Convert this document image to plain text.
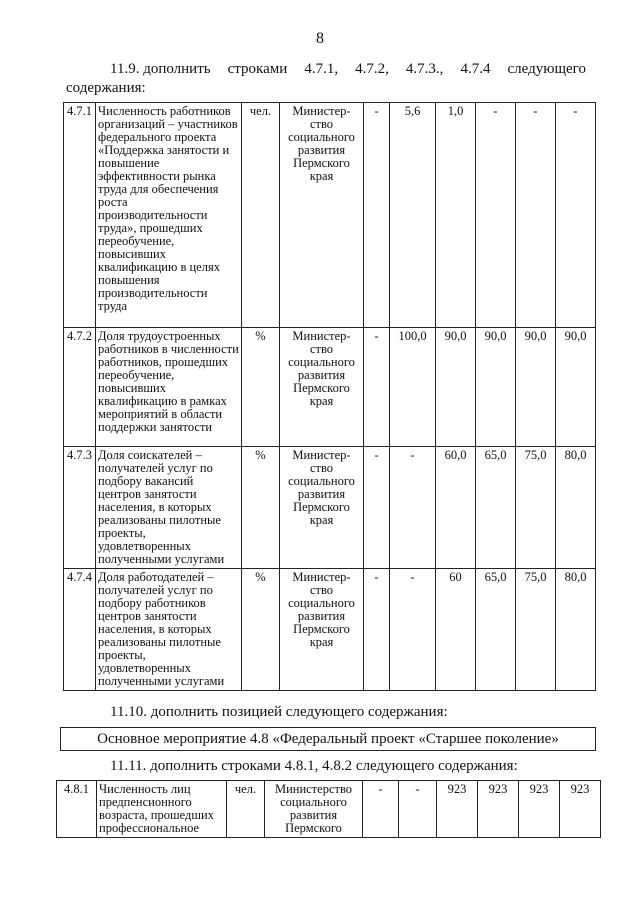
8
11.9. дополнить строками 4.7.1, 4.7.2, 4.7.3., 4.7.4 следующего
содержания:
4.7.1	Численность работников организаций – участников федерального проекта «Поддержка занятости и повышение эффективности рынка труда для обеспечения роста производительности труда», прошедших переобучение, повысивших квалификацию в целях повышения производительности труда	чел.	Министер-ство социального развития Пермского края	-	5,6	1,0	-	-	-
4.7.2	Доля трудоустроенных работников в численности работников, прошедших переобучение, повысивших квалификацию в рамках мероприятий в области поддержки занятости	%	Министер-ство социального развития Пермского края	-	100,0	90,0	90,0	90,0	90,0
4.7.3	Доля соискателей – получателей услуг по подбору вакансий центров занятости населения, в которых реализованы пилотные проекты, удовлетворенных полученными услугами	%	Министер-ство социального развития Пермского края	-	-	60,0	65,0	75,0	80,0
4.7.4	Доля работодателей – получателей услуг по подбору работников центров занятости населения, в которых реализованы пилотные проекты, удовлетворенных полученными услугами	%	Министер-ство социального развития Пермского края	-	-	60	65,0	75,0	80,0
11.10. дополнить позицией следующего содержания:
Основное мероприятие 4.8 «Федеральный проект «Старшее поколение»
11.11. дополнить строками 4.8.1, 4.8.2 следующего содержания:
4.8.1	Численность лиц предпенсионного возраста, прошедших профессиональное	чел.	Министерство социального развития Пермского	-	-	923	923	923	923
